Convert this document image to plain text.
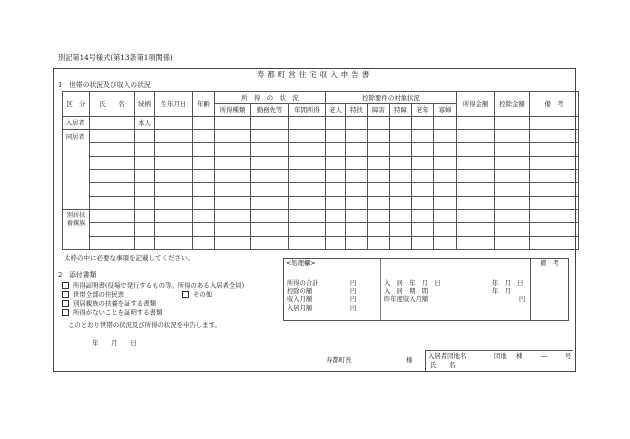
別記第14号様式(第13条第1項関係)
寿都町営住宅収入申告書
1　世帯の状況及び収入の状況
区　分	氏　　名	続柄	生年月日	年齢	所　得　の　状　況			控除要件の対象状況						所得金額	控除金額	備　考
					所得種類	勤務先等	年間所得	老人	特扶	障害	特障	老年	寡婦			
入居者		本人														
同居者																

別居扶養親族																

太枠の中に必要な事項を記載してください。
2　添付書類
所得証明書(役場で発行するもの等。所得のある入居者全員)
世帯全部の住民票	その他
別居親族の扶養を証する書類
所得がないことを証明する書類
このとおり世帯の状況及び所得の状況を申告します。
年　　月　　日
寿都町長	様 入居者団地名	団地 棟	―	号
氏　　名
<処理欄>	備　考
所得の合計	円
控除の額	円
収入月額	円
入居月額	円
入　居　年　月　日	年　月　日
入　居　期　間	年　月
昨年度収入月額	円
